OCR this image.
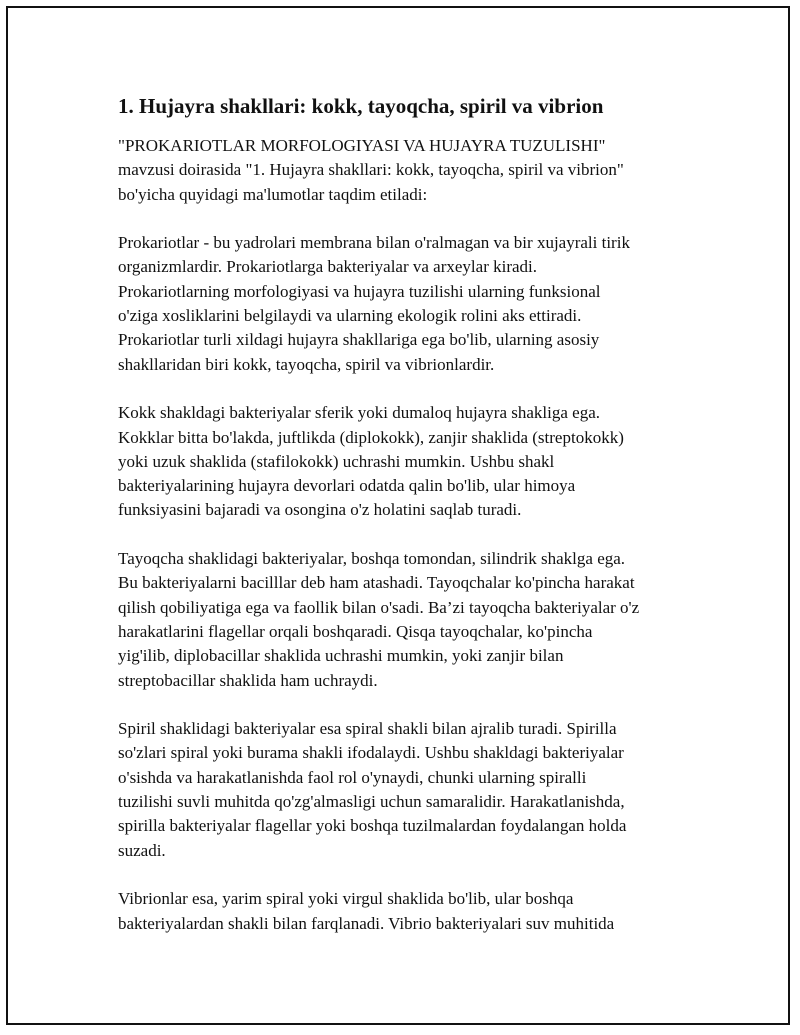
1. Hujayra shakllari: kokk, tayoqcha, spiril va vibrion

"PROKARIOTLAR MORFOLOGIYASI VA HUJAYRA TUZULISHI"
mavzusi doirasida "1. Hujayra shakllari: kokk, tayoqcha, spiril va vibrion"
bo'yicha quyidagi ma'lumotlar taqdim etiladi:

Prokariotlar - bu yadrolari membrana bilan o'ralmagan va bir xujayrali tirik
organizmlardir. Prokariotlarga bakteriyalar va arxeylar kiradi.
Prokariotlarning morfologiyasi va hujayra tuzilishi ularning funksional
o'ziga xosliklarini belgilaydi va ularning ekologik rolini aks ettiradi.
Prokariotlar turli xildagi hujayra shakllariga ega bo'lib, ularning asosiy
shakllaridan biri kokk, tayoqcha, spiril va vibrionlardir.

Kokk shakldagi bakteriyalar sferik yoki dumaloq hujayra shakliga ega.
Kokklar bitta bo'lakda, juftlikda (diplokokk), zanjir shaklida (streptokokk)
yoki uzuk shaklida (stafilokokk) uchrashi mumkin. Ushbu shakl
bakteriyalarining hujayra devorlari odatda qalin bo'lib, ular himoya
funksiyasini bajaradi va osongina o'z holatini saqlab turadi.

Tayoqcha shaklidagi bakteriyalar, boshqa tomondan, silindrik shaklga ega.
Bu bakteriyalarni bacilllar deb ham atashadi. Tayoqchalar ko'pincha harakat
qilish qobiliyatiga ega va faollik bilan o'sadi. Ba’zi tayoqcha bakteriyalar o'z
harakatlarini flagellar orqali boshqaradi. Qisqa tayoqchalar, ko'pincha
yig'ilib, diplobacillar shaklida uchrashi mumkin, yoki zanjir bilan
streptobacillar shaklida ham uchraydi.

Spiril shaklidagi bakteriyalar esa spiral shakli bilan ajralib turadi. Spirilla
so'zlari spiral yoki burama shakli ifodalaydi. Ushbu shakldagi bakteriyalar
o'sishda va harakatlanishda faol rol o'ynaydi, chunki ularning spiralli
tuzilishi suvli muhitda qo'zg'almasligi uchun samaralidir. Harakatlanishda,
spirilla bakteriyalar flagellar yoki boshqa tuzilmalardan foydalangan holda
suzadi.

Vibrionlar esa, yarim spiral yoki virgul shaklida bo'lib, ular boshqa
bakteriyalardan shakli bilan farqlanadi. Vibrio bakteriyalari suv muhitida
